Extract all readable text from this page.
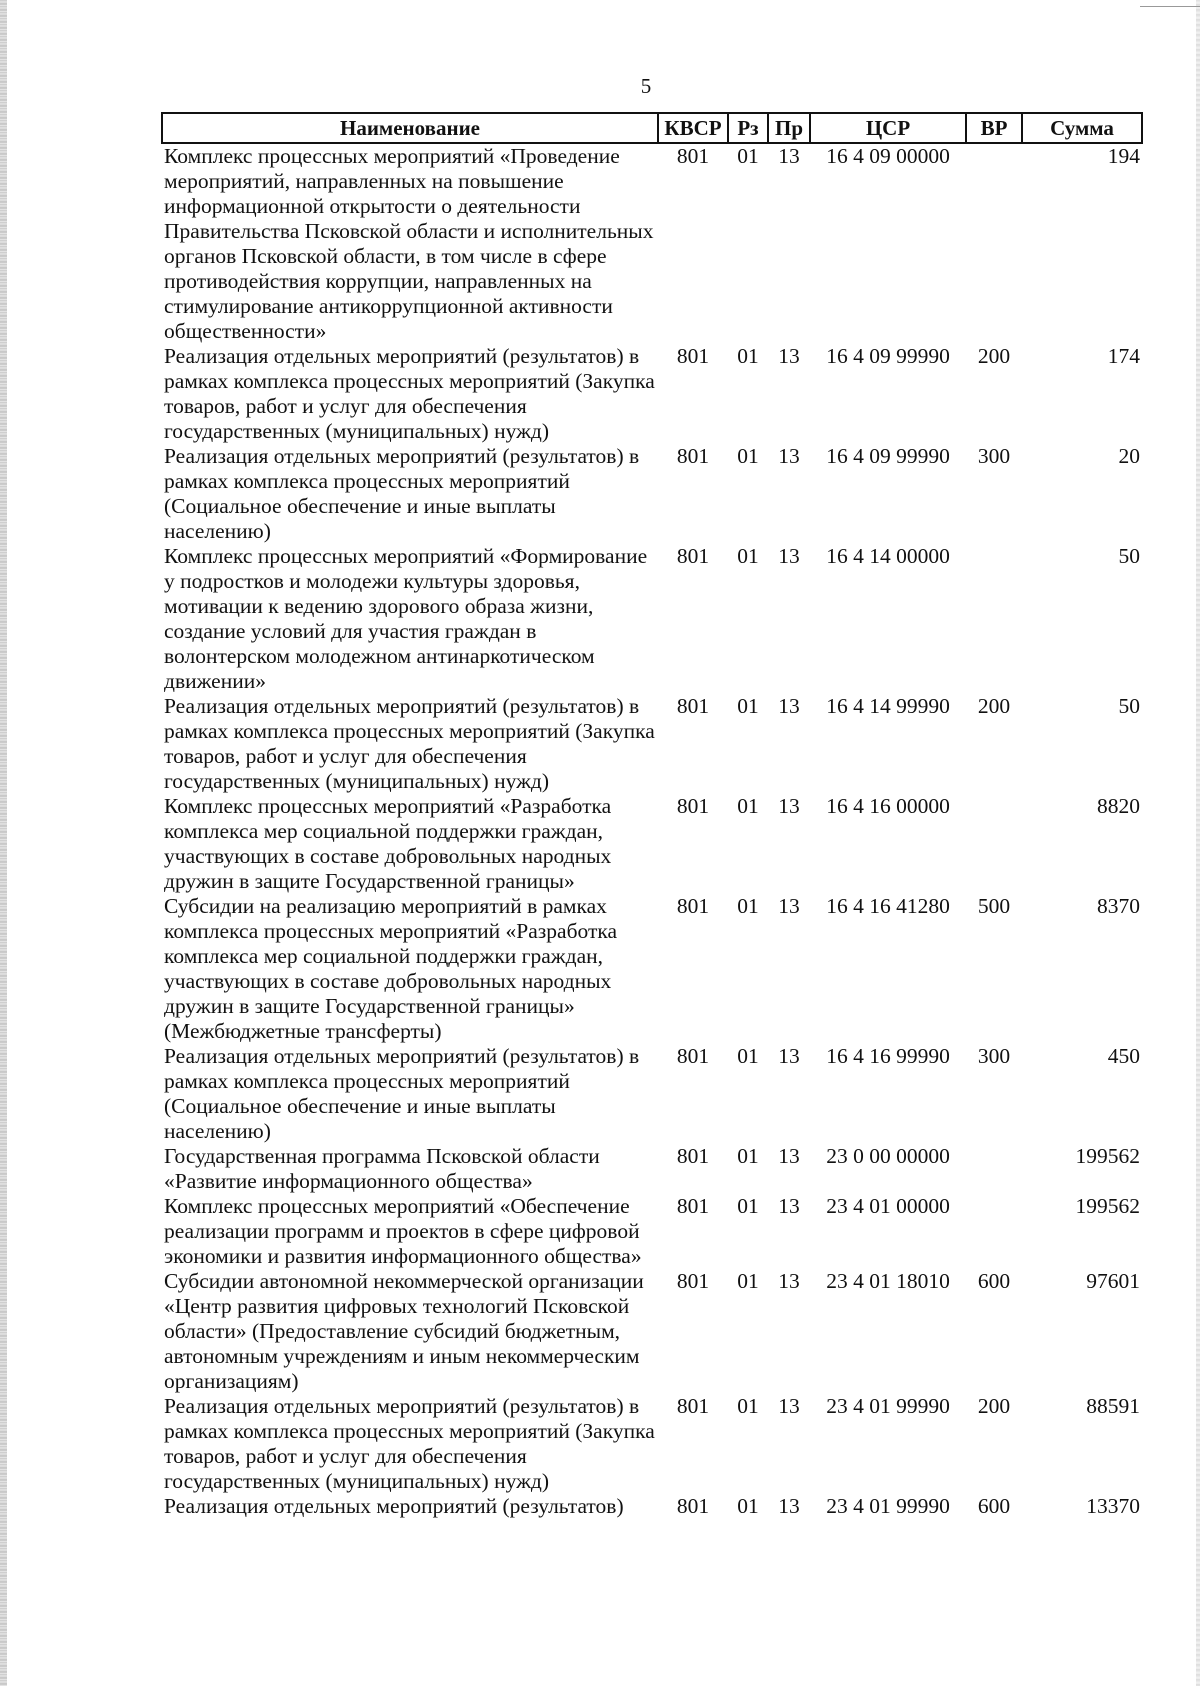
5
Наименование	КВСР	Рз	Пр	ЦСР	ВР	Сумма
Комплекс процессных мероприятий «Проведение мероприятий, направленных на повышение информационной открытости о деятельности Правительства Псковской области и исполнительных органов Псковской области, в том числе в сфере противодействия коррупции, направленных на стимулирование антикоррупционной активности общественности»	801	01	13	16 4 09 00000		194
Реализация отдельных мероприятий (результатов) в рамках комплекса процессных мероприятий (Закупка товаров, работ и услуг для обеспечения государственных (муниципальных) нужд)	801	01	13	16 4 09 99990	200	174
Реализация отдельных мероприятий (результатов) в рамках комплекса процессных мероприятий (Социальное обеспечение и иные выплаты населению)	801	01	13	16 4 09 99990	300	20
Комплекс процессных мероприятий «Формирование у подростков и молодежи культуры здоровья, мотивации к ведению здорового образа жизни, создание условий для участия граждан в волонтерском молодежном антинаркотическом движении»	801	01	13	16 4 14 00000		50
Реализация отдельных мероприятий (результатов) в рамках комплекса процессных мероприятий (Закупка товаров, работ и услуг для обеспечения государственных (муниципальных) нужд)	801	01	13	16 4 14 99990	200	50
Комплекс процессных мероприятий «Разработка комплекса мер социальной поддержки граждан, участвующих в составе добровольных народных дружин в защите Государственной границы»	801	01	13	16 4 16 00000		8820
Субсидии на реализацию мероприятий в рамках комплекса процессных мероприятий «Разработка комплекса мер социальной поддержки граждан, участвующих в составе добровольных народных дружин в защите Государственной границы» (Межбюджетные трансферты)	801	01	13	16 4 16 41280	500	8370
Реализация отдельных мероприятий (результатов) в рамках комплекса процессных мероприятий (Социальное обеспечение и иные выплаты населению)	801	01	13	16 4 16 99990	300	450
Государственная программа Псковской области «Развитие информационного общества»	801	01	13	23 0 00 00000		199562
Комплекс процессных мероприятий «Обеспечение реализации программ и проектов в сфере цифровой экономики и развития информационного общества»	801	01	13	23 4 01 00000		199562
Субсидии автономной некоммерческой организации «Центр развития цифровых технологий Псковской области» (Предоставление субсидий бюджетным, автономным учреждениям и иным некоммерческим организациям)	801	01	13	23 4 01 18010	600	97601
Реализация отдельных мероприятий (результатов) в рамках комплекса процессных мероприятий (Закупка товаров, работ и услуг для обеспечения государственных (муниципальных) нужд)	801	01	13	23 4 01 99990	200	88591
Реализация отдельных мероприятий (результатов)	801	01	13	23 4 01 99990	600	13370
